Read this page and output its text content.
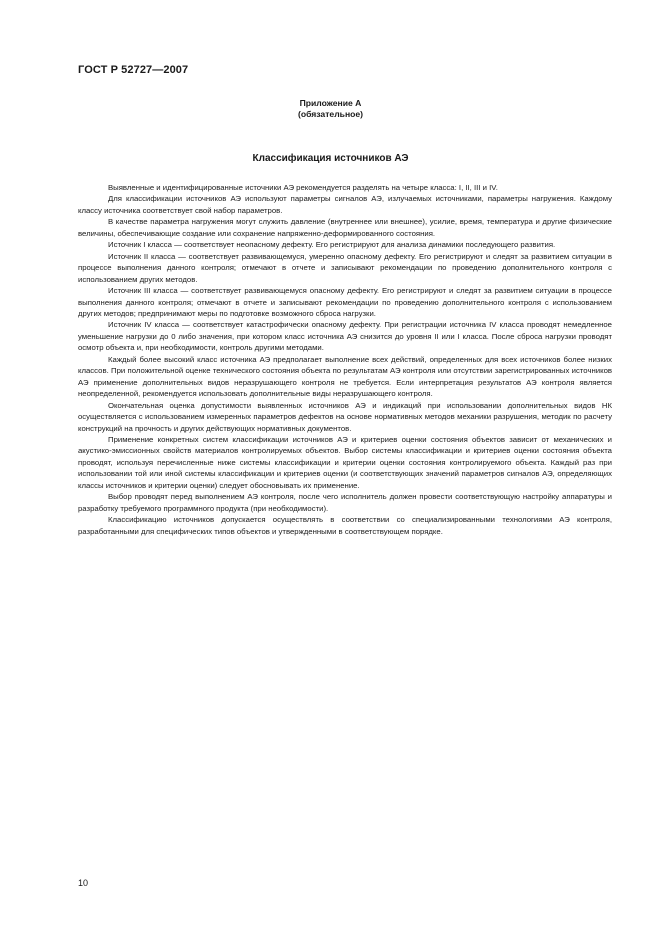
ГОСТ Р 52727—2007
Приложение А
(обязательное)
Классификация источников АЭ

Выявленные и идентифицированные источники АЭ рекомендуется разделять на четыре класса: I, II, III и IV.

Для классификации источников АЭ используют параметры сигналов АЭ, излучаемых источниками, параметры нагружения. Каждому классу источника соответствует свой набор параметров.

В качестве параметра нагружения могут служить давление (внутреннее или внешнее), усилие, время, температура и другие физические величины, обеспечивающие создание или сохранение напряженно-деформированного состояния.

Источник I класса — соответствует неопасному дефекту. Его регистрируют для анализа динамики последующего развития.

Источник II класса — соответствует развивающемуся, умеренно опасному дефекту. Его регистрируют и следят за развитием ситуации в процессе выполнения данного контроля; отмечают в отчете и записывают рекомендации по проведению дополнительного контроля с использованием других методов.

Источник III класса — соответствует развивающемуся опасному дефекту. Его регистрируют и следят за развитием ситуации в процессе выполнения данного контроля; отмечают в отчете и записывают рекомендации по проведению дополнительного контроля с использованием других методов; предпринимают меры по подготовке возможного сброса нагрузки.

Источник IV класса — соответствует катастрофически опасному дефекту. При регистрации источника IV класса проводят немедленное уменьшение нагрузки до 0 либо значения, при котором класс источника АЭ снизится до уровня II или I класса. После сброса нагрузки проводят осмотр объекта и, при необходимости, контроль другими методами.

Каждый более высокий класс источника АЭ предполагает выполнение всех действий, определенных для всех источников более низких классов. При положительной оценке технического состояния объекта по результатам АЭ контроля или отсутствии зарегистрированных источников АЭ применение дополнительных видов неразрушающего контроля не требуется. Если интерпретация результатов АЭ контроля является неопределенной, рекомендуется использовать дополнительные виды неразрушающего контроля.

Окончательная оценка допустимости выявленных источников АЭ и индикаций при использовании дополнительных видов НК осуществляется с использованием измеренных параметров дефектов на основе нормативных методов механики разрушения, методик по расчету конструкций на прочность и других действующих нормативных документов.

Применение конкретных систем классификации источников АЭ и критериев оценки состояния объектов зависит от механических и акустико-эмиссионных свойств материалов контролируемых объектов. Выбор системы классификации и критериев оценки состояния объекта проводят, используя перечисленные ниже системы классификации и критерии оценки состояния контролируемого объекта. Каждый раз при использовании той или иной системы классификации и критериев оценки (и соответствующих значений параметров сигналов АЭ, определяющих классы источников и критерии оценки) следует обосновывать их применение.

Выбор проводят перед выполнением АЭ контроля, после чего исполнитель должен провести соответствующую настройку аппаратуры и разработку требуемого программного продукта (при необходимости).

Классификацию источников допускается осуществлять в соответствии со специализированными технологиями АЭ контроля, разработанными для специфических типов объектов и утвержденными в соответствующем порядке.

10
